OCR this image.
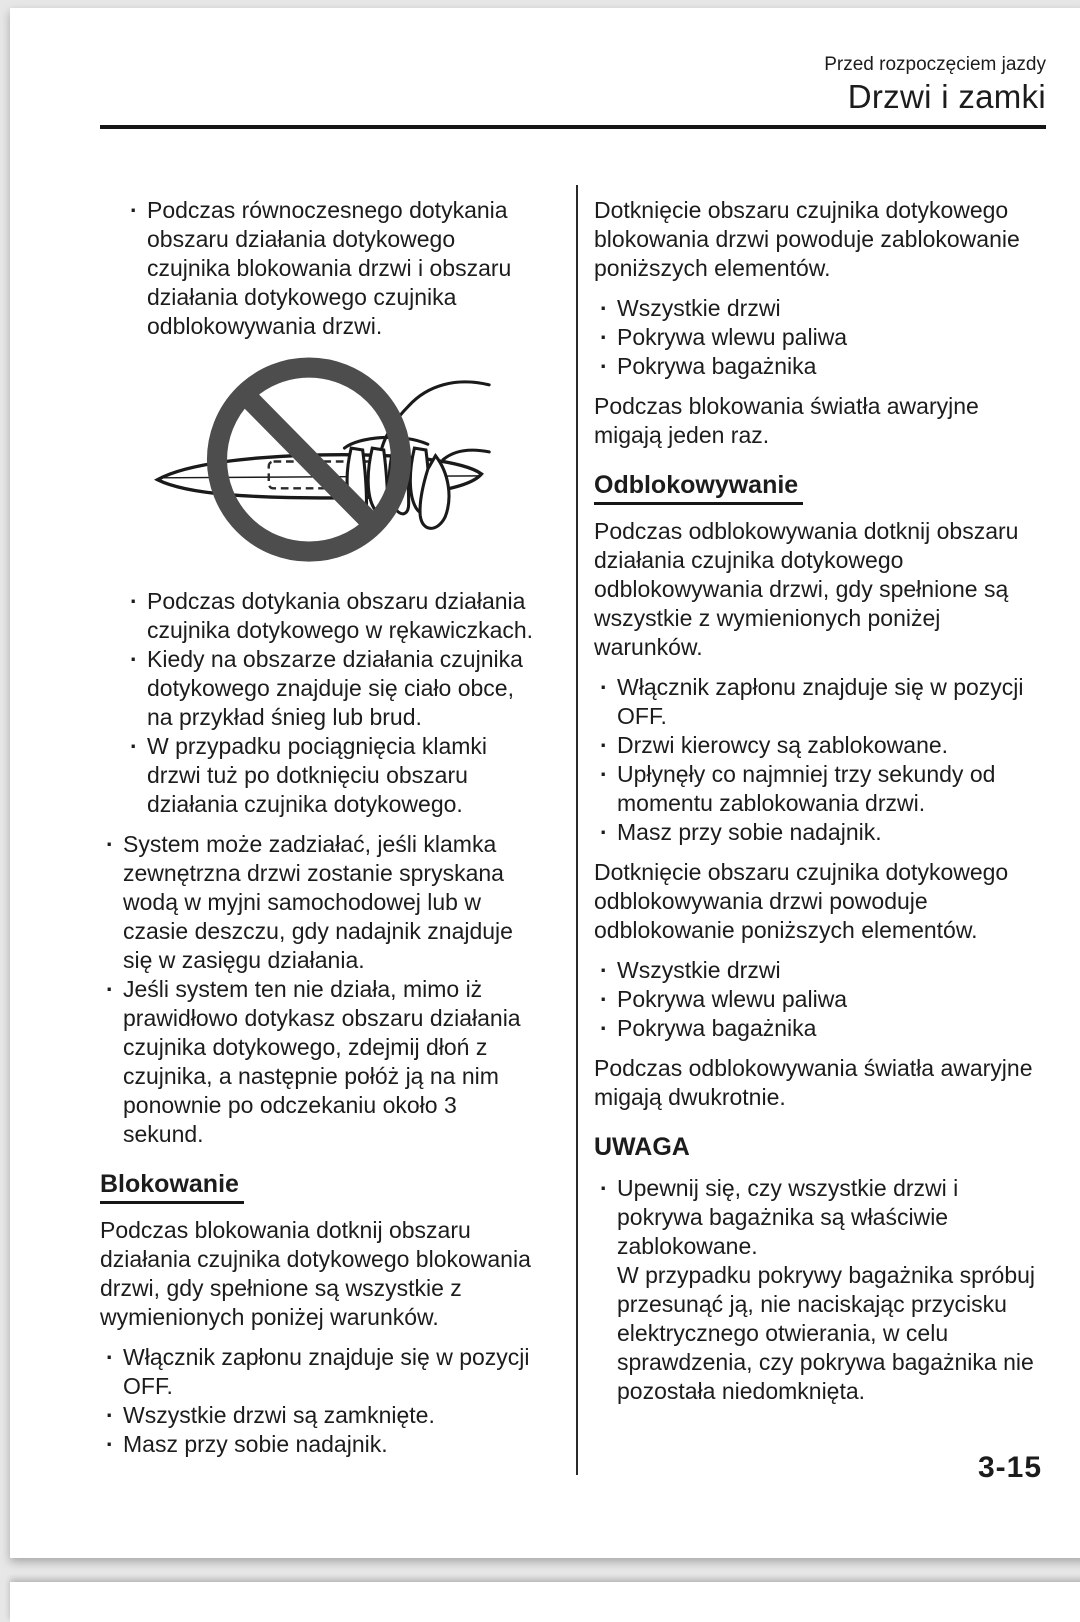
Przed rozpoczęciem jazdy
Drzwi i zamki
· Podczas równoczesnego dotykania obszaru działania dotykowego czujnika blokowania drzwi i obszaru działania dotykowego czujnika odblokowywania drzwi.
· Podczas dotykania obszaru działania czujnika dotykowego w rękawiczkach.
· Kiedy na obszarze działania czujnika dotykowego znajduje się ciało obce, na przykład śnieg lub brud.
· W przypadku pociągnięcia klamki drzwi tuż po dotknięciu obszaru działania czujnika dotykowego.
· System może zadziałać, jeśli klamka zewnętrzna drzwi zostanie spryskana wodą w myjni samochodowej lub w czasie deszczu, gdy nadajnik znajduje się w zasięgu działania.
· Jeśli system ten nie działa, mimo iż prawidłowo dotykasz obszaru działania czujnika dotykowego, zdejmij dłoń z czujnika, a następnie połóż ją na nim ponownie po odczekaniu około 3 sekund.
Blokowanie

Podczas blokowania dotknij obszaru działania czujnika dotykowego blokowania drzwi, gdy spełnione są wszystkie z wymienionych poniżej warunków.

· Włącznik zapłonu znajduje się w pozycji OFF.
· Wszystkie drzwi są zamknięte.
· Masz przy sobie nadajnik.

Dotknięcie obszaru czujnika dotykowego blokowania drzwi powoduje zablokowanie poniższych elementów.

· Wszystkie drzwi
· Pokrywa wlewu paliwa
· Pokrywa bagażnika

Podczas blokowania światła awaryjne migają jeden raz.

Odblokowywanie

Podczas odblokowywania dotknij obszaru działania czujnika dotykowego odblokowywania drzwi, gdy spełnione są wszystkie z wymienionych poniżej warunków.

· Włącznik zapłonu znajduje się w pozycji OFF.
· Drzwi kierowcy są zablokowane.
· Upłynęły co najmniej trzy sekundy od momentu zablokowania drzwi.
· Masz przy sobie nadajnik.

Dotknięcie obszaru czujnika dotykowego odblokowywania drzwi powoduje odblokowanie poniższych elementów.

· Wszystkie drzwi
· Pokrywa wlewu paliwa
· Pokrywa bagażnika

Podczas odblokowywania światła awaryjne migają dwukrotnie.

UWAGA
· Upewnij się, czy wszystkie drzwi i pokrywa bagażnika są właściwie zablokowane.
W przypadku pokrywy bagażnika spróbuj przesunąć ją, nie naciskając przycisku elektrycznego otwierania, w celu sprawdzenia, czy pokrywa bagażnika nie pozostała niedomknięta.
3-15
